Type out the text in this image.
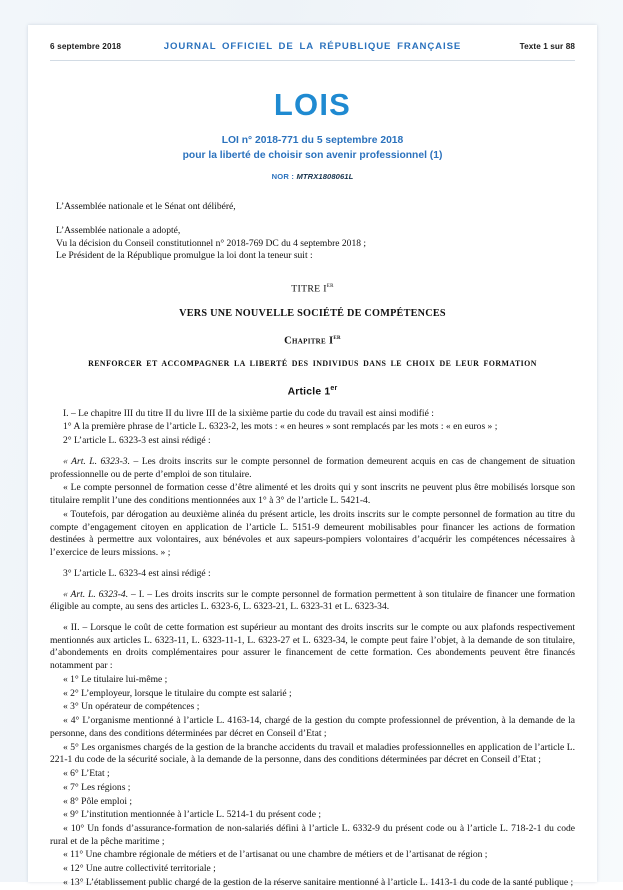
6 septembre 2018	JOURNAL OFFICIEL DE LA RÉPUBLIQUE FRANÇAISE	Texte 1 sur 88
LOIS
LOI n° 2018-771 du 5 septembre 2018
pour la liberté de choisir son avenir professionnel (1)
NOR : MTRX1808061L

L’Assemblée nationale et le Sénat ont délibéré,

L’Assemblée nationale a adopté,

Vu la décision du Conseil constitutionnel n° 2018-769 DC du 4 septembre 2018 ;

Le Président de la République promulgue la loi dont la teneur suit :

TITRE Ier
VERS UNE NOUVELLE SOCIÉTÉ DE COMPÉTENCES
Chapitre Ier
RENFORCER ET ACCOMPAGNER LA LIBERTÉ DES INDIVIDUS DANS LE CHOIX DE LEUR FORMATION
Article 1er

I. – Le chapitre III du titre II du livre III de la sixième partie du code du travail est ainsi modifié :

1° A la première phrase de l’article L. 6323-2, les mots : « en heures » sont remplacés par les mots : « en euros » ;

2° L’article L. 6323-3 est ainsi rédigé :

« Art. L. 6323-3. – Les droits inscrits sur le compte personnel de formation demeurent acquis en cas de changement de situation professionnelle ou de perte d’emploi de son titulaire.

« Le compte personnel de formation cesse d’être alimenté et les droits qui y sont inscrits ne peuvent plus être mobilisés lorsque son titulaire remplit l’une des conditions mentionnées aux 1° à 3° de l’article L. 5421-4.

« Toutefois, par dérogation au deuxième alinéa du présent article, les droits inscrits sur le compte personnel de formation au titre du compte d’engagement citoyen en application de l’article L. 5151-9 demeurent mobilisables pour financer les actions de formation destinées à permettre aux volontaires, aux bénévoles et aux sapeurs-pompiers volontaires d’acquérir les compétences nécessaires à l’exercice de leurs missions. » ;

3° L’article L. 6323-4 est ainsi rédigé :

« Art. L. 6323-4. – I. – Les droits inscrits sur le compte personnel de formation permettent à son titulaire de financer une formation éligible au compte, au sens des articles L. 6323-6, L. 6323-21, L. 6323-31 et L. 6323-34.

« II. – Lorsque le coût de cette formation est supérieur au montant des droits inscrits sur le compte ou aux plafonds respectivement mentionnés aux articles L. 6323-11, L. 6323-11-1, L. 6323-27 et L. 6323-34, le compte peut faire l’objet, à la demande de son titulaire, d’abondements en droits complémentaires pour assurer le financement de cette formation. Ces abondements peuvent être financés notamment par :

« 1° Le titulaire lui-même ;

« 2° L’employeur, lorsque le titulaire du compte est salarié ;

« 3° Un opérateur de compétences ;

« 4° L’organisme mentionné à l’article L. 4163-14, chargé de la gestion du compte professionnel de prévention, à la demande de la personne, dans des conditions déterminées par décret en Conseil d’Etat ;

« 5° Les organismes chargés de la gestion de la branche accidents du travail et maladies professionnelles en application de l’article L. 221-1 du code de la sécurité sociale, à la demande de la personne, dans des conditions déterminées par décret en Conseil d’Etat ;

« 6° L’Etat ;

« 7° Les régions ;

« 8° Pôle emploi ;

« 9° L’institution mentionnée à l’article L. 5214-1 du présent code ;

« 10° Un fonds d’assurance-formation de non-salariés défini à l’article L. 6332-9 du présent code ou à l’article L. 718-2-1 du code rural et de la pêche maritime ;

« 11° Une chambre régionale de métiers et de l’artisanat ou une chambre de métiers et de l’artisanat de région ;

« 12° Une autre collectivité territoriale ;

« 13° L’établissement public chargé de la gestion de la réserve sanitaire mentionné à l’article L. 1413-1 du code de la santé publique ;
